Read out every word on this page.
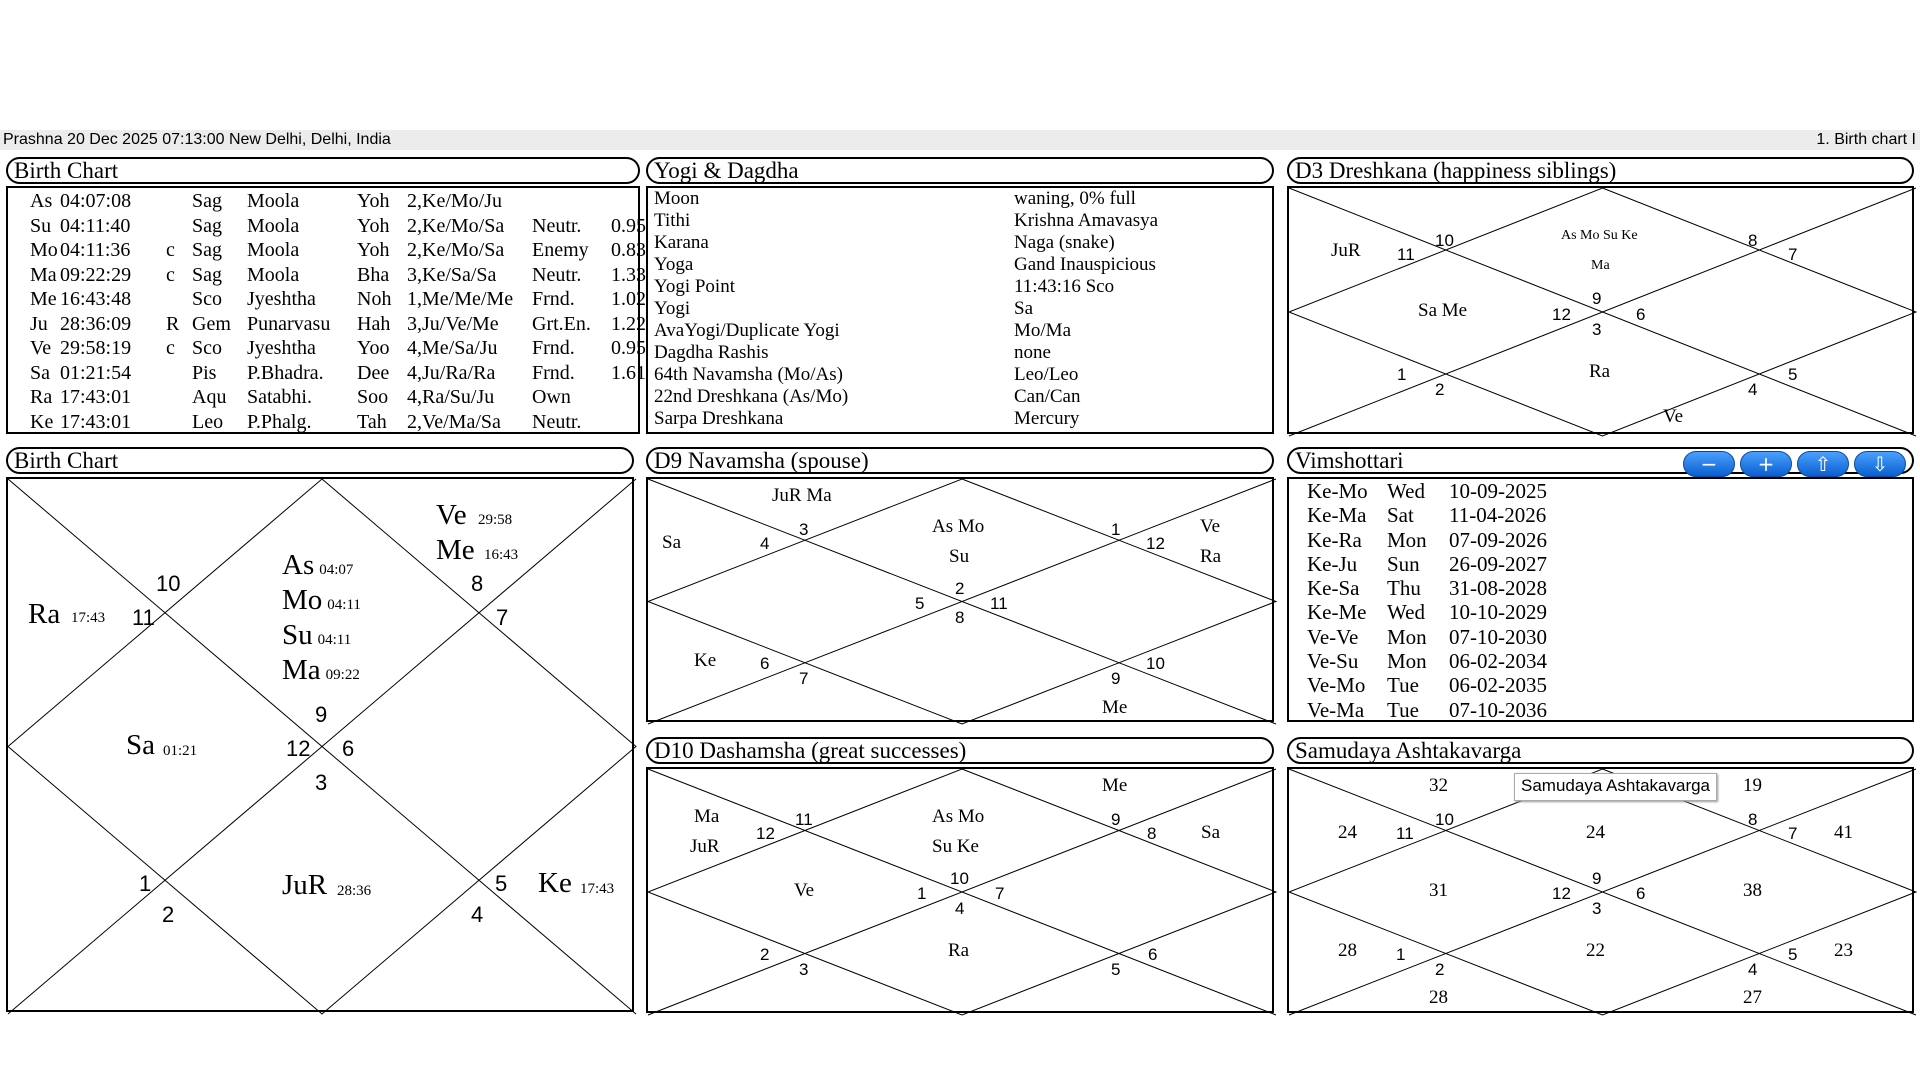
Prashna 20 Dec 2025 07:13:00 New Delhi, Delhi, India	1. Birth chart I
Birth Chart
As 04:07:08	Sag Moola	Yoh 2,Ke/Mo/Ju
Su 04:11:40	Sag Moola	Yoh 2,Ke/Mo/Sa Neutr. 0.95
Mo 04:11:36 c Sag Moola	Yoh 2,Ke/Mo/Sa Enemy 0.83
Ma 09:22:29 c Sag Moola	Bha 3,Ke/Sa/Sa Neutr. 1.33
Me 16:43:48	Sco Jyeshtha Noh 1,Me/Me/Me Frnd. 1.02
Ju 28:36:09 R Gem Punarvasu Hah 3,Ju/Ve/Me Grt.En. 1.22
Ve 29:58:19 c Sco Jyeshtha Yoo 4,Me/Sa/Ju Frnd. 0.95
Sa 01:21:54	Pis P.Bhadra. Dee 4,Ju/Ra/Ra Frnd. 1.61
Ra 17:43:01	Aqu Satabhi. Soo 4,Ra/Su/Ju Own
Ke 17:43:01	Leo P.Phalg. Tah 2,Ve/Ma/Sa Neutr.
Yogi & Dagdha
Moon	waning, 0% full
Tithi	Krishna Amavasya
Karana	Naga (snake)
Yoga	Gand Inauspicious
Yogi Point	11:43:16 Sco
Yogi	Sa
AvaYogi/Duplicate Yogi	Mo/Ma
Dagdha Rashis	none
64th Navamsha (Mo/As)	Leo/Leo
22nd Dreshkana (As/Mo)	Can/Can
Sarpa Dreshkana	Mercury
D3 Dreshkana (happiness siblings)
As Mo Su Ke
Ma
JuR
Sa Me
Ra
Ve
9
10
11
8
7
12	6
3
1
2	4
5
Birth Chart
Ve 29:58
Me 16:43
As 04:07
Mo 04:11
Su 04:11
Ma 09:22
Ra 17:43
Sa 01:21
JuR 28:36	Ke 17:43
10
11
8
7
9
12 6
3
1
2
5
4
D9 Navamsha (spouse)
JuR Ma
Sa
As Mo
Su
Ve
Ra
Ke
Me
3
4
1
12
2
5	11
8
6
7	9
10
Vimshottari	−	+	⇧	⇩
Ke-Mo Wed 10-09-2025
Ke-Ma Sat 11-04-2026
Ke-Ra Mon 07-09-2026
Ke-Ju Sun 26-09-2027
Ke-Sa Thu 31-08-2028
Ke-Me Wed 10-10-2029
Ve-Ve Mon 07-10-2030
Ve-Su Mon 06-02-2034
Ve-Mo Tue 06-02-2035
Ve-Ma Tue 07-10-2036
D10 Dashamsha (great successes)
As Mo
Su Ke
Ma
JuR
Ve
Ra
Me
Sa
11
12
9
8
10
1	7
4
2
3	5
6
Samudaya Ashtakavarga
24
32
24
31
28
28
22
27
23
38
41
19
10
11
8
7
9
12	6
3
1
2	4
5
Samudaya Ashtakavarga
